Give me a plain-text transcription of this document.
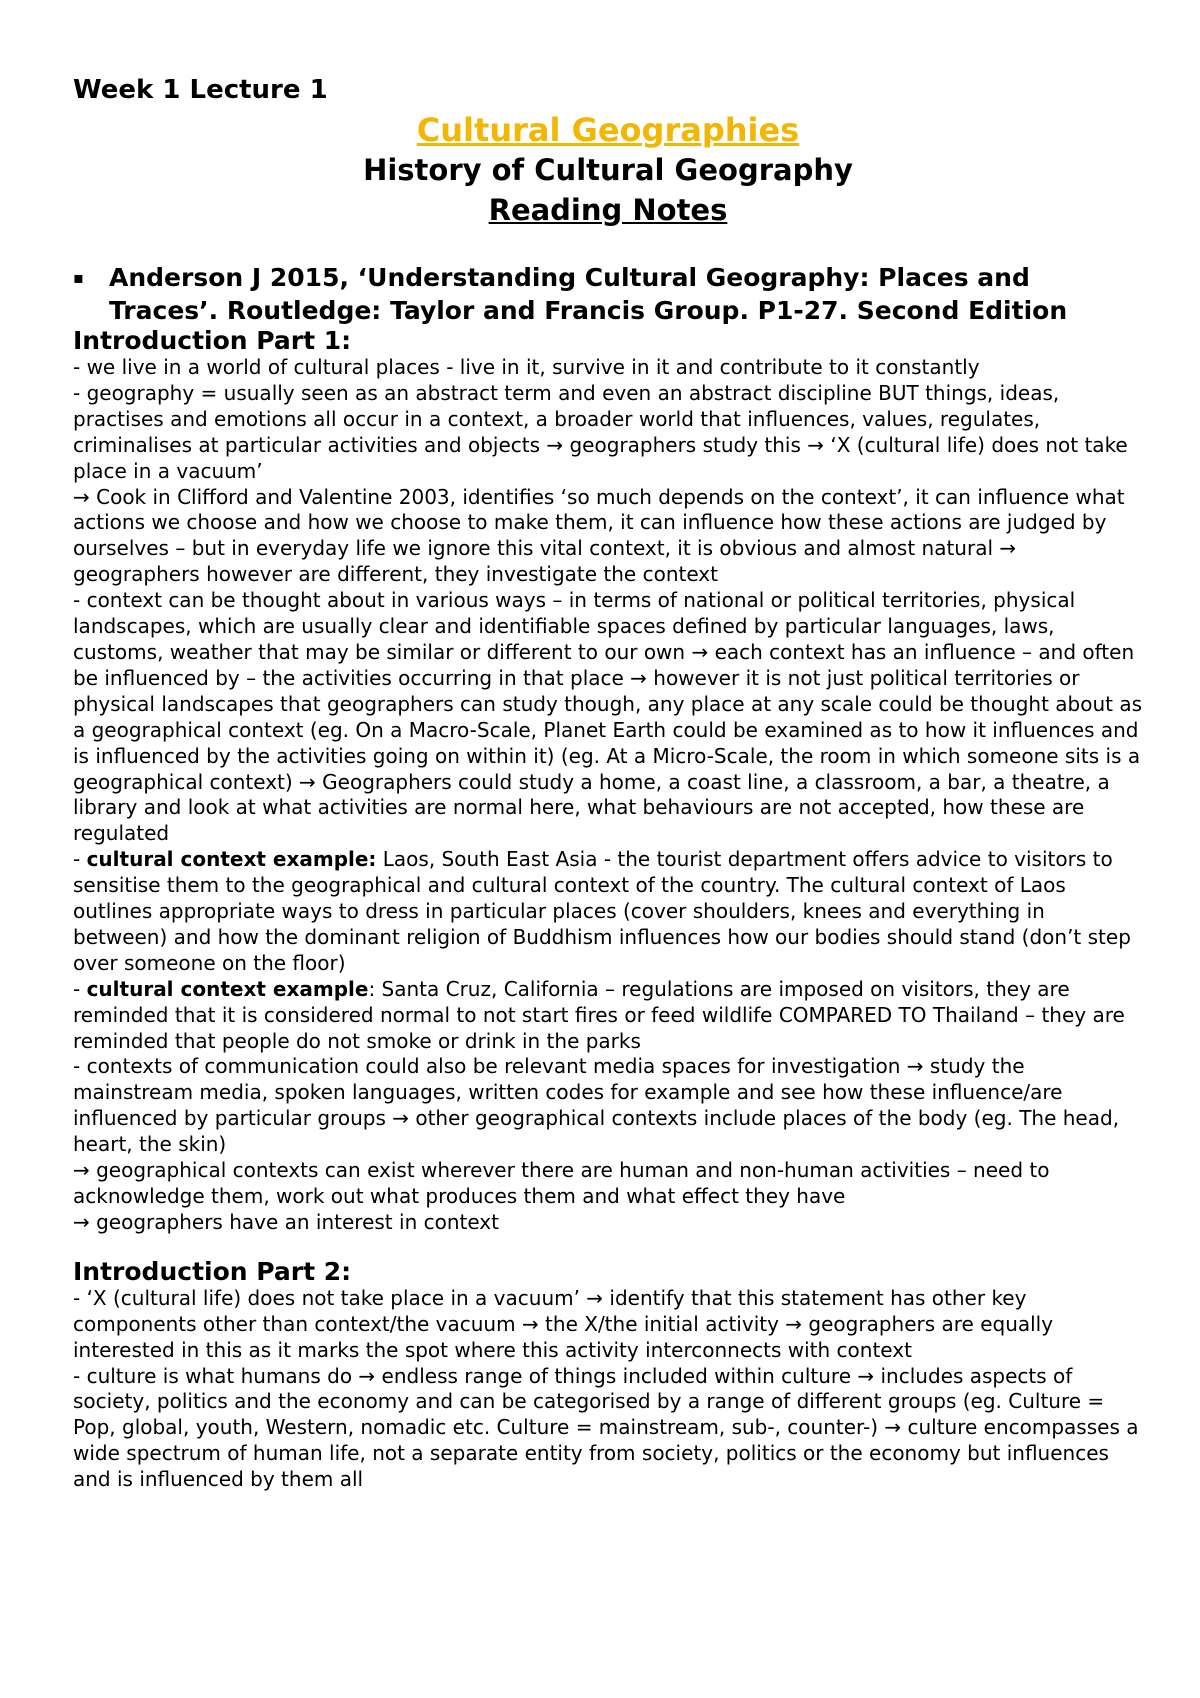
Week 1 Lecture 1

Cultural Geographies

History of Cultural Geography

Reading Notes

▪ Anderson J 2015, ‘Understanding Cultural Geography: Places and Traces’. Routledge: Taylor and Francis Group. P1-27. Second Edition
Introduction Part 1:

- we live in a world of cultural places - live in it, survive in it and contribute to it constantly

- geography = usually seen as an abstract term and even an abstract discipline BUT things, ideas, practises and emotions all occur in a context, a broader world that influences, values, regulates, criminalises at particular activities and objects → geographers study this → ‘X (cultural life) does not take place in a vacuum’

→ Cook in Clifford and Valentine 2003, identifies ‘so much depends on the context’, it can influence what actions we choose and how we choose to make them, it can influence how these actions are judged by ourselves – but in everyday life we ignore this vital context, it is obvious and almost natural → geographers however are different, they investigate the context

- context can be thought about in various ways – in terms of national or political territories, physical landscapes, which are usually clear and identifiable spaces defined by particular languages, laws, customs, weather that may be similar or different to our own → each context has an influence – and often be influenced by – the activities occurring in that place → however it is not just political territories or physical landscapes that geographers can study though, any place at any scale could be thought about as a geographical context (eg. On a Macro-Scale, Planet Earth could be examined as to how it influences and is influenced by the activities going on within it) (eg. At a Micro-Scale, the room in which someone sits is a geographical context) → Geographers could study a home, a coast line, a classroom, a bar, a theatre, a library and look at what activities are normal here, what behaviours are not accepted, how these are regulated

- cultural context example: Laos, South East Asia - the tourist department offers advice to visitors to sensitise them to the geographical and cultural context of the country. The cultural context of Laos outlines appropriate ways to dress in particular places (cover shoulders, knees and everything in between) and how the dominant religion of Buddhism influences how our bodies should stand (don’t step over someone on the floor)

- cultural context example: Santa Cruz, California – regulations are imposed on visitors, they are reminded that it is considered normal to not start fires or feed wildlife COMPARED TO Thailand – they are reminded that people do not smoke or drink in the parks

- contexts of communication could also be relevant media spaces for investigation → study the mainstream media, spoken languages, written codes for example and see how these influence/are influenced by particular groups → other geographical contexts include places of the body (eg. The head, heart, the skin)

→ geographical contexts can exist wherever there are human and non-human activities – need to acknowledge them, work out what produces them and what effect they have

→ geographers have an interest in context

Introduction Part 2:

- ‘X (cultural life) does not take place in a vacuum’ → identify that this statement has other key components other than context/the vacuum → the X/the initial activity → geographers are equally interested in this as it marks the spot where this activity interconnects with context

- culture is what humans do → endless range of things included within culture → includes aspects of society, politics and the economy and can be categorised by a range of different groups (eg. Culture = Pop, global, youth, Western, nomadic etc. Culture = mainstream, sub-, counter-) → culture encompasses a wide spectrum of human life, not a separate entity from society, politics or the economy but influences and is influenced by them all
